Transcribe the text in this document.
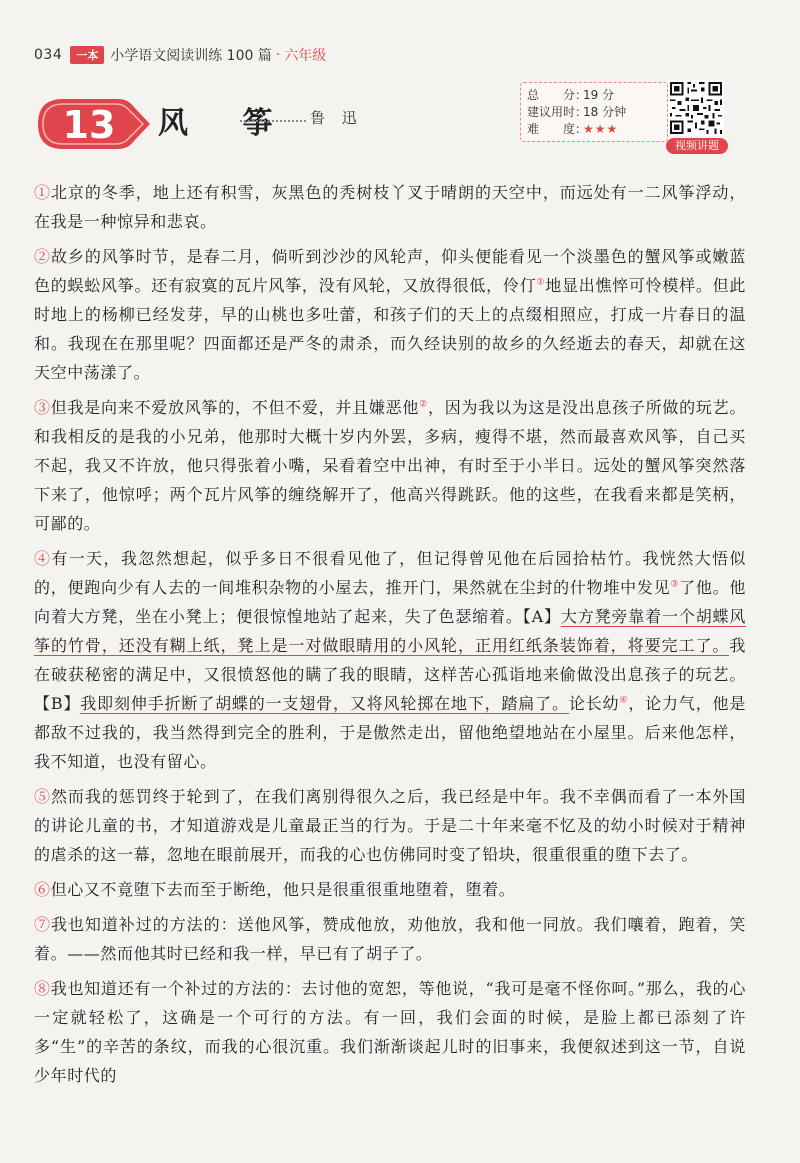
034	一本 小学语文阅读训练 100 篇 · 六年级
13 风 筝 鲁 迅
总　　分：19 分
建议用时：18 分钟
难　　度：★★★
视频讲题

①北京的冬季，地上还有积雪，灰黑色的秃树枝丫叉于晴朗的天空中，而远处有一二风筝浮动，在我是一种惊异和悲哀。

②故乡的风筝时节，是春二月，倘听到沙沙的风轮声，仰头便能看见一个淡墨色的蟹风筝或嫩蓝色的蜈蚣风筝。还有寂寞的瓦片风筝，没有风轮，又放得很低，伶仃①地显出憔悴可怜模样。但此时地上的杨柳已经发芽，早的山桃也多吐蕾，和孩子们的天上的点缀相照应，打成一片春日的温和。我现在在那里呢？四面都还是严冬的肃杀，而久经诀别的故乡的久经逝去的春天，却就在这天空中荡漾了。

③但我是向来不爱放风筝的，不但不爱，并且嫌恶他②，因为我以为这是没出息孩子所做的玩艺。和我相反的是我的小兄弟，他那时大概十岁内外罢，多病，瘦得不堪，然而最喜欢风筝，自己买不起，我又不许放，他只得张着小嘴，呆看着空中出神，有时至于小半日。远处的蟹风筝突然落下来了，他惊呼；两个瓦片风筝的缠绕解开了，他高兴得跳跃。他的这些，在我看来都是笑柄，可鄙的。

④有一天，我忽然想起，似乎多日不很看见他了，但记得曾见他在后园拾枯竹。我恍然大悟似的，便跑向少有人去的一间堆积杂物的小屋去，推开门，果然就在尘封的什物堆中发见③了他。他向着大方凳，坐在小凳上；便很惊惶地站了起来，失了色瑟缩着。【A】大方凳旁靠着一个胡蝶风筝的竹骨，还没有糊上纸，凳上是一对做眼睛用的小风轮，正用红纸条装饰着，将要完工了。我在破获秘密的满足中，又很愤怒他的瞒了我的眼睛，这样苦心孤诣地来偷做没出息孩子的玩艺。【B】我即刻伸手折断了胡蝶的一支翅骨，又将风轮掷在地下，踏扁了。论长幼④，论力气，他是都敌不过我的，我当然得到完全的胜利，于是傲然走出，留他绝望地站在小屋里。后来他怎样，我不知道，也没有留心。

⑤然而我的惩罚终于轮到了，在我们离别得很久之后，我已经是中年。我不幸偶而看了一本外国的讲论儿童的书，才知道游戏是儿童最正当的行为。于是二十年来毫不忆及的幼小时候对于精神的虐杀的这一幕，忽地在眼前展开，而我的心也仿佛同时变了铅块，很重很重的堕下去了。

⑥但心又不竟堕下去而至于断绝，他只是很重很重地堕着，堕着。

⑦我也知道补过的方法的：送他风筝，赞成他放，劝他放，我和他一同放。我们嚷着，跑着，笑着。——然而他其时已经和我一样，早已有了胡子了。

⑧我也知道还有一个补过的方法的：去讨他的宽恕，等他说，“我可是毫不怪你呵。”那么，我的心一定就轻松了，这确是一个可行的方法。有一回，我们会面的时候，是脸上都已添刻了许多“生”的辛苦的条纹，而我的心很沉重。我们渐渐谈起儿时的旧事来，我便叙述到这一节，自说少年时代的
